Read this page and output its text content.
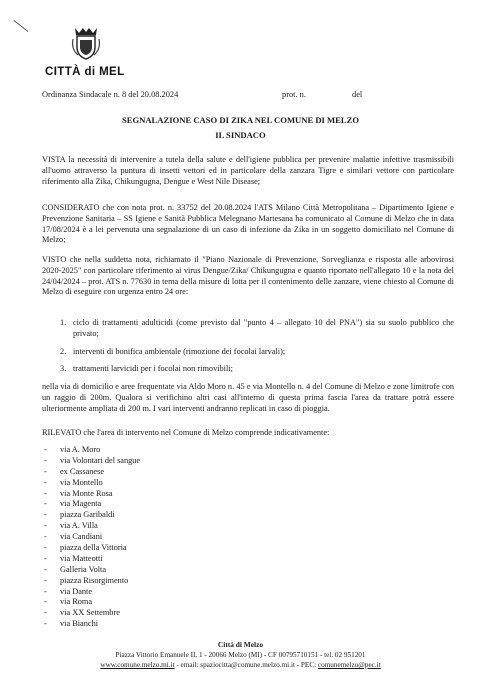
CITTÀ di MEL
Ordinanza Sindacale n. 8 del 20.08.2024	prot. n.	del
SEGNALAZIONE CASO DI ZIKA NEL COMUNE DI MELZO
IL SINDACO

VISTA la necessità di intervenire a tutela della salute e dell'igiene pubblica per prevenire malattie infettive trasmissibili all'uomo attraverso la puntura di insetti vettori ed in particolare della zanzara Tigre e similari vettore con particolare riferimento alla Zika, Chikungugna, Dengue e West Nile Disease;

CONSIDERATO che con nota prot. n. 33752 del 20.08.2024 l'ATS Milano Città Metropolitana – Dipartimento Igiene e Prevenzione Sanitaria – SS Igiene e Sanità Pubblica Melegnano Martesana ha comunicato al Comune di Melzo che in data 17/08/2024 è a lei pervenuta una segnalazione di un caso di infezione da Zika in un soggetto domiciliato nel Comune di Melzo;

VISTO che nella suddetta nota, richiamato il "Piano Nazionale di Prevenzione, Sorveglianza e risposta alle arbovirosi 2020-2025" con particolare riferimento ai virus Dengue/Zika/ Chikungugna e quanto riportato nell'allegato 10 e la nota del 24/04/2024 – prot. ATS n. 77630 in tema della misure di lotta per il contenimento delle zanzare, viene chiesto al Comune di Melzo di eseguire con urgenza entro 24 ore:

1. ciclo di trattamenti adulticidi (come previsto dal "punto 4 – allegato 10 del PNA") sia su suolo pubblico che privato;
2. interventi di bonifica ambientale (rimozione dei focolai larvali);
3. trattamenti larvicidi per i focolai non rimovibili;

nella via di domicilio e aree frequentate via Aldo Moro n. 45 e via Montello n. 4 del Comune di Melzo e zone limitrofe con un raggio di 200m. Qualora si verifichino altri casi all'interno di questa prima fascia l'area da trattare potrà essere ulteriormente ampliata di 200 m. I vari interventi andranno replicati in caso di pioggia.

RILEVATO che l'area di intervento nel Comune di Melzo comprende indicativamente:

- via A. Moro
- via Volontari del sangue
- ex Cassanese
- via Montello
- via Monte Rosa
- via Magenta
- piazza Garibaldi
- via A. Villa
- via Candiani
- piazza della Vittoria
- via Matteotti
- Galleria Volta
- piazza Risorgimento
- via Dante
- via Roma
- via XX Settembre
- via Bianchi
Città di Melzo
Piazza Vittorio Emanuele II, 1 - 20066 Melzo (MI) - CF 00795710151 - tel. 02 951201
www.comune.melzo.mi.it - email: spaziocitta@comune.melzo.mi.it - PEC: comunemelzo@pec.it
